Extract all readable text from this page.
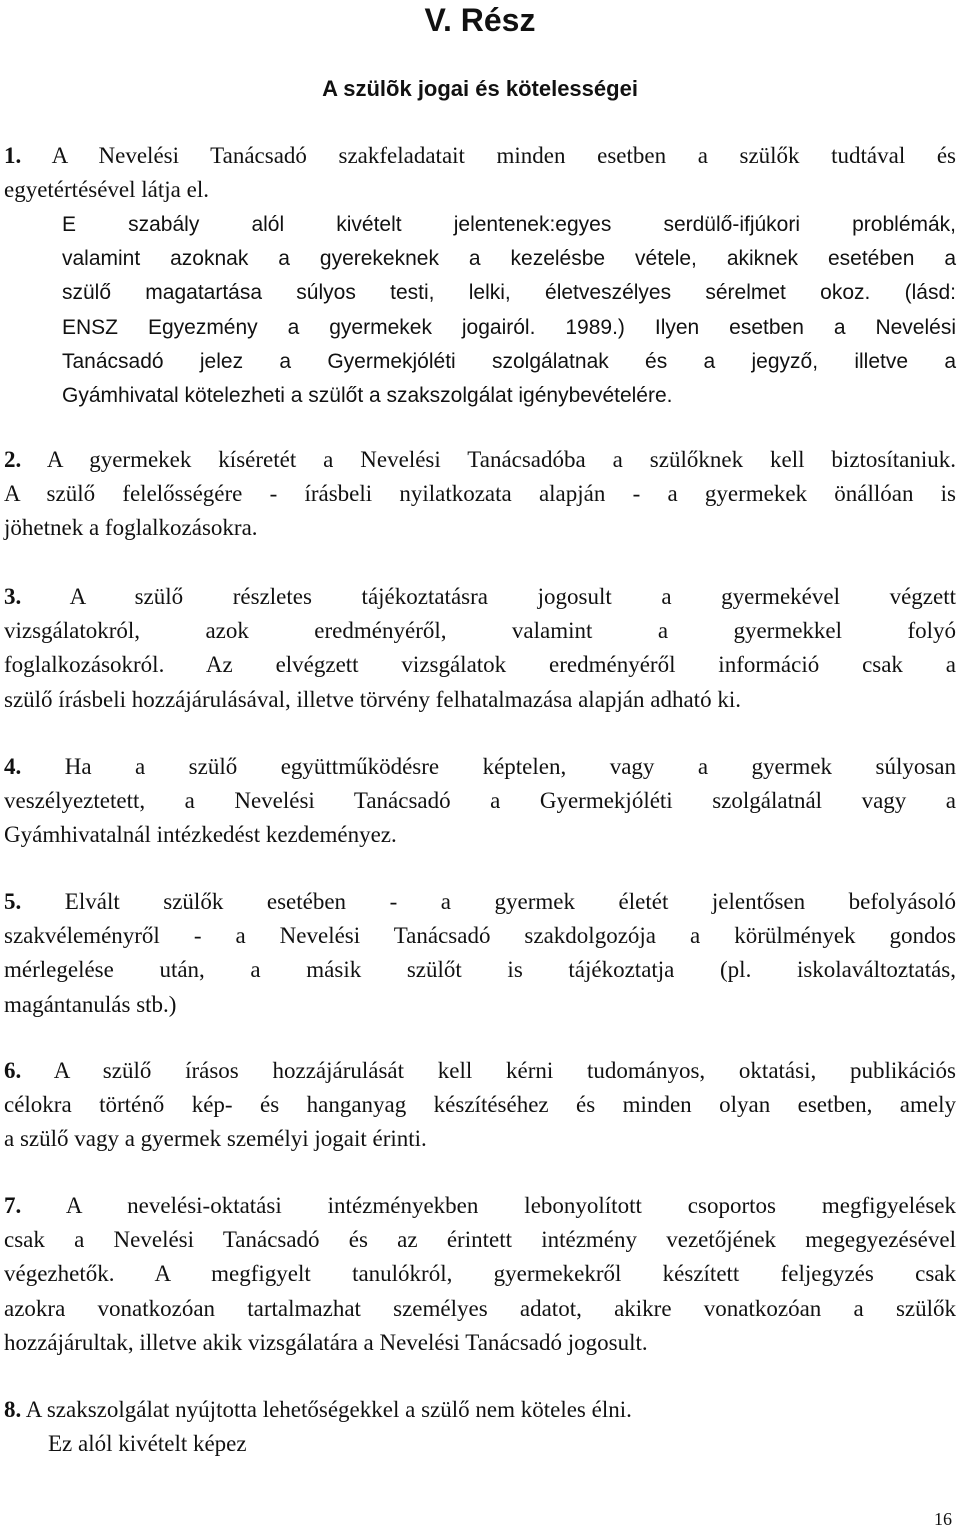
V. Rész
A szülõk jogai és kötelességei
1. A Nevelési Tanácsadó szakfeladatait minden esetben a szülők tudtával és
egyetértésével látja el.
E szabály alól kivételt jelentenek:egyes serdülő-ifjúkori problémák,
valamint azoknak a gyerekeknek a kezelésbe vétele, akiknek esetében a
szülő magatartása súlyos testi, lelki, életveszélyes sérelmet okoz. (lásd:
ENSZ Egyezmény a gyermekek jogairól. 1989.) Ilyen esetben a Nevelési
Tanácsadó jelez a Gyermekjóléti szolgálatnak és a jegyző, illetve a
Gyámhivatal kötelezheti a szülőt a szakszolgálat igénybevételére.
2. A gyermekek kíséretét a Nevelési Tanácsadóba a szülőknek kell biztosítaniuk.
A szülő felelősségére - írásbeli nyilatkozata alapján - a gyermekek önállóan is
jöhetnek a foglalkozásokra.
3. A szülő részletes tájékoztatásra jogosult a gyermekével végzett
vizsgálatokról, azok eredményéről, valamint a gyermekkel folyó
foglalkozásokról. Az elvégzett vizsgálatok eredményéről információ csak a
szülő írásbeli hozzájárulásával, illetve törvény felhatalmazása alapján adható ki.
4. Ha a szülő együttműködésre képtelen, vagy a gyermek súlyosan
veszélyeztetett, a Nevelési Tanácsadó a Gyermekjóléti szolgálatnál vagy a
Gyámhivatalnál intézkedést kezdeményez.
5. Elvált szülők esetében - a gyermek életét jelentősen befolyásoló
szakvéleményről - a Nevelési Tanácsadó szakdolgozója a körülmények gondos
mérlegelése után, a másik szülőt is tájékoztatja (pl. iskolaváltoztatás,
magántanulás stb.)
6. A szülő írásos hozzájárulását kell kérni tudományos, oktatási, publikációs
célokra történő kép- és hanganyag készítéséhez és minden olyan esetben, amely
a szülő vagy a gyermek személyi jogait érinti.
7. A nevelési-oktatási intézményekben lebonyolított csoportos megfigyelések
csak a Nevelési Tanácsadó és az érintett intézmény vezetőjének megegyezésével
végezhetők. A megfigyelt tanulókról, gyermekekről készített feljegyzés csak
azokra vonatkozóan tartalmazhat személyes adatot, akikre vonatkozóan a szülők
hozzájárultak, illetve akik vizsgálatára a Nevelési Tanácsadó jogosult.
8. A szakszolgálat nyújtotta lehetőségekkel a szülő nem köteles élni.
Ez alól kivételt képez
16
